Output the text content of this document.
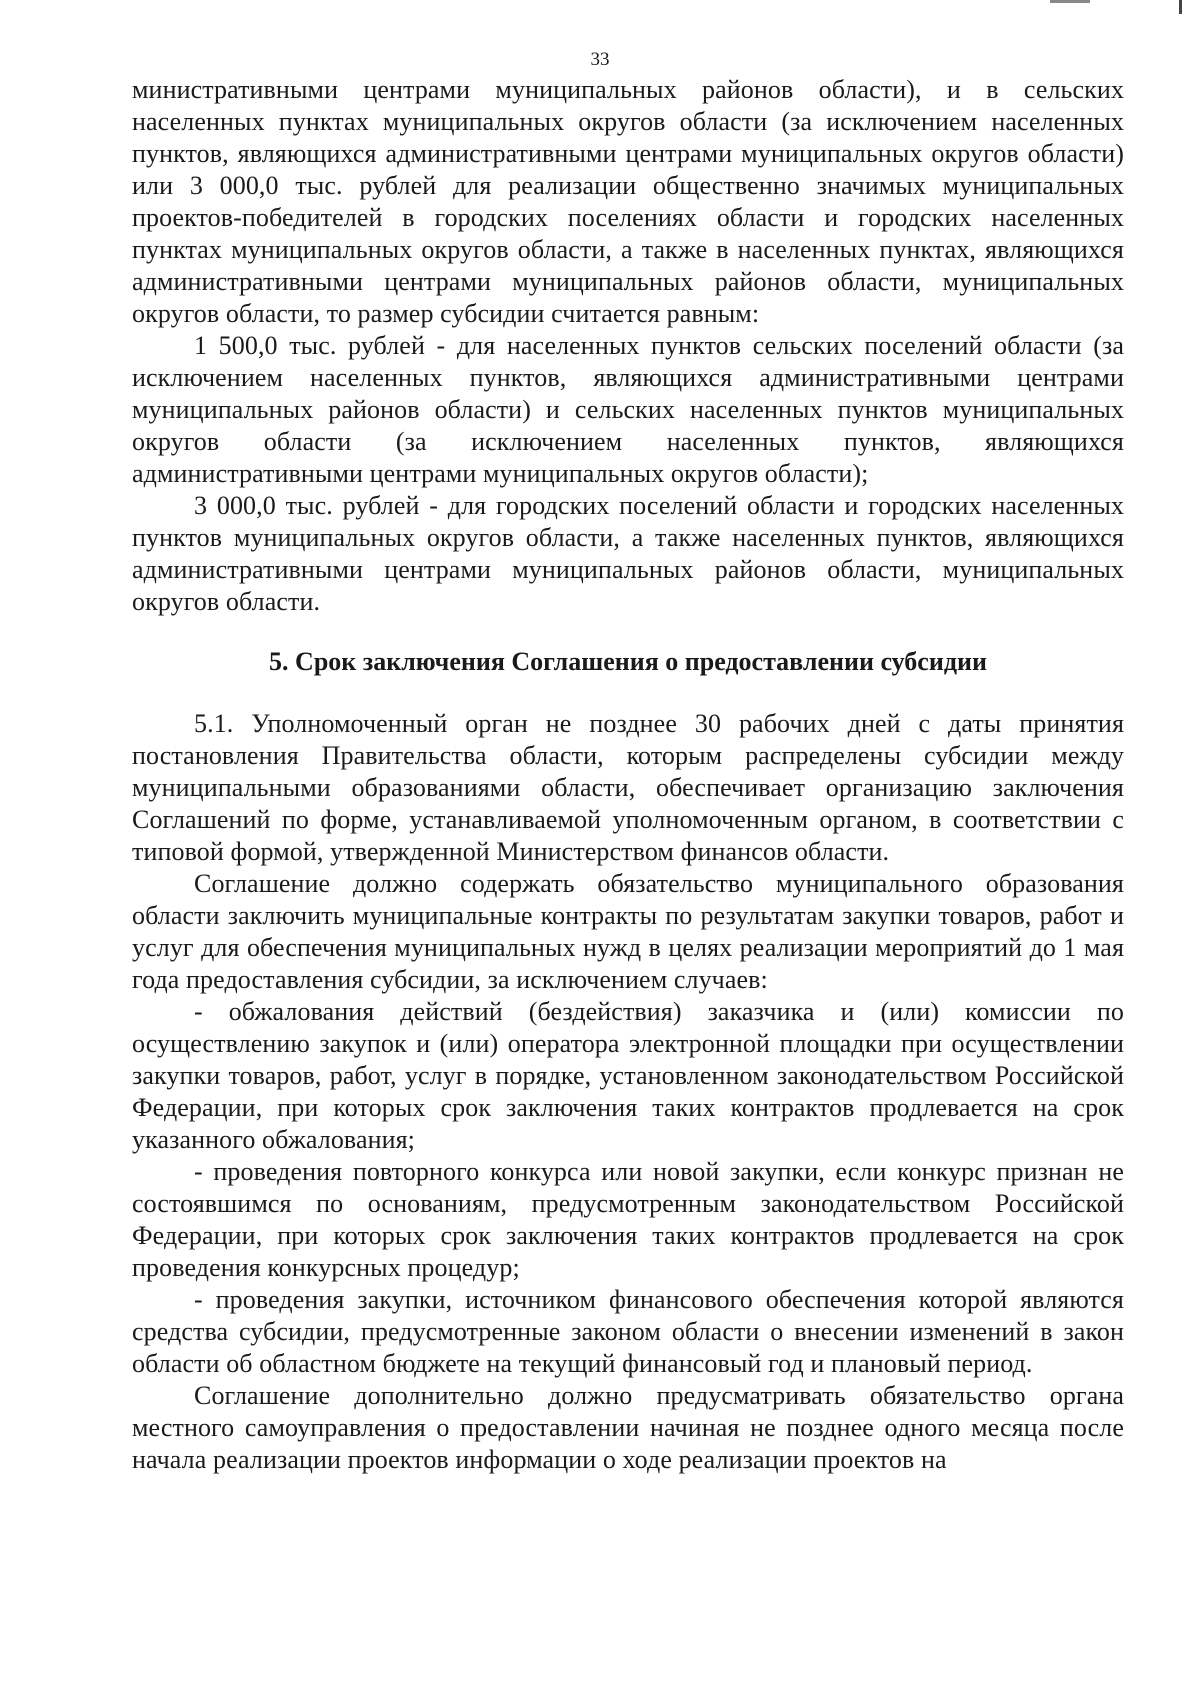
33

министративными центрами муниципальных районов области), и в сельских населенных пунктах муниципальных округов области (за исключением населенных пунктов, являющихся административными центрами муниципальных округов области) или 3 000,0 тыс. рублей для реализации общественно значимых муниципальных проектов-победителей в городских поселениях области и городских населенных пунктах муниципальных округов области, а также в населенных пунктах, являющихся административными центрами муниципальных районов области, муниципальных округов области, то размер субсидии считается равным:

1 500,0 тыс. рублей - для населенных пунктов сельских поселений области (за исключением населенных пунктов, являющихся административными центрами муниципальных районов области) и сельских населенных пунктов муниципальных округов области (за исключением населенных пунктов, являющихся административными центрами муниципальных округов области);

3 000,0 тыс. рублей - для городских поселений области и городских населенных пунктов муниципальных округов области, а также населенных пунктов, являющихся административными центрами муниципальных районов области, муниципальных округов области.

5. Срок заключения Соглашения о предоставлении субсидии

5.1. Уполномоченный орган не позднее 30 рабочих дней с даты принятия постановления Правительства области, которым распределены субсидии между муниципальными образованиями области, обеспечивает организацию заключения Соглашений по форме, устанавливаемой уполномоченным органом, в соответствии с типовой формой, утвержденной Министерством финансов области.

Соглашение должно содержать обязательство муниципального образования области заключить муниципальные контракты по результатам закупки товаров, работ и услуг для обеспечения муниципальных нужд в целях реализации мероприятий до 1 мая года предоставления субсидии, за исключением случаев:

- обжалования действий (бездействия) заказчика и (или) комиссии по осуществлению закупок и (или) оператора электронной площадки при осуществлении закупки товаров, работ, услуг в порядке, установленном законодательством Российской Федерации, при которых срок заключения таких контрактов продлевается на срок указанного обжалования;

- проведения повторного конкурса или новой закупки, если конкурс признан не состоявшимся по основаниям, предусмотренным законодательством Российской Федерации, при которых срок заключения таких контрактов продлевается на срок проведения конкурсных процедур;

- проведения закупки, источником финансового обеспечения которой являются средства субсидии, предусмотренные законом области о внесении изменений в закон области об областном бюджете на текущий финансовый год и плановый период.

Соглашение дополнительно должно предусматривать обязательство органа местного самоуправления о предоставлении начиная не позднее одного месяца после начала реализации проектов информации о ходе реализации проектов на
